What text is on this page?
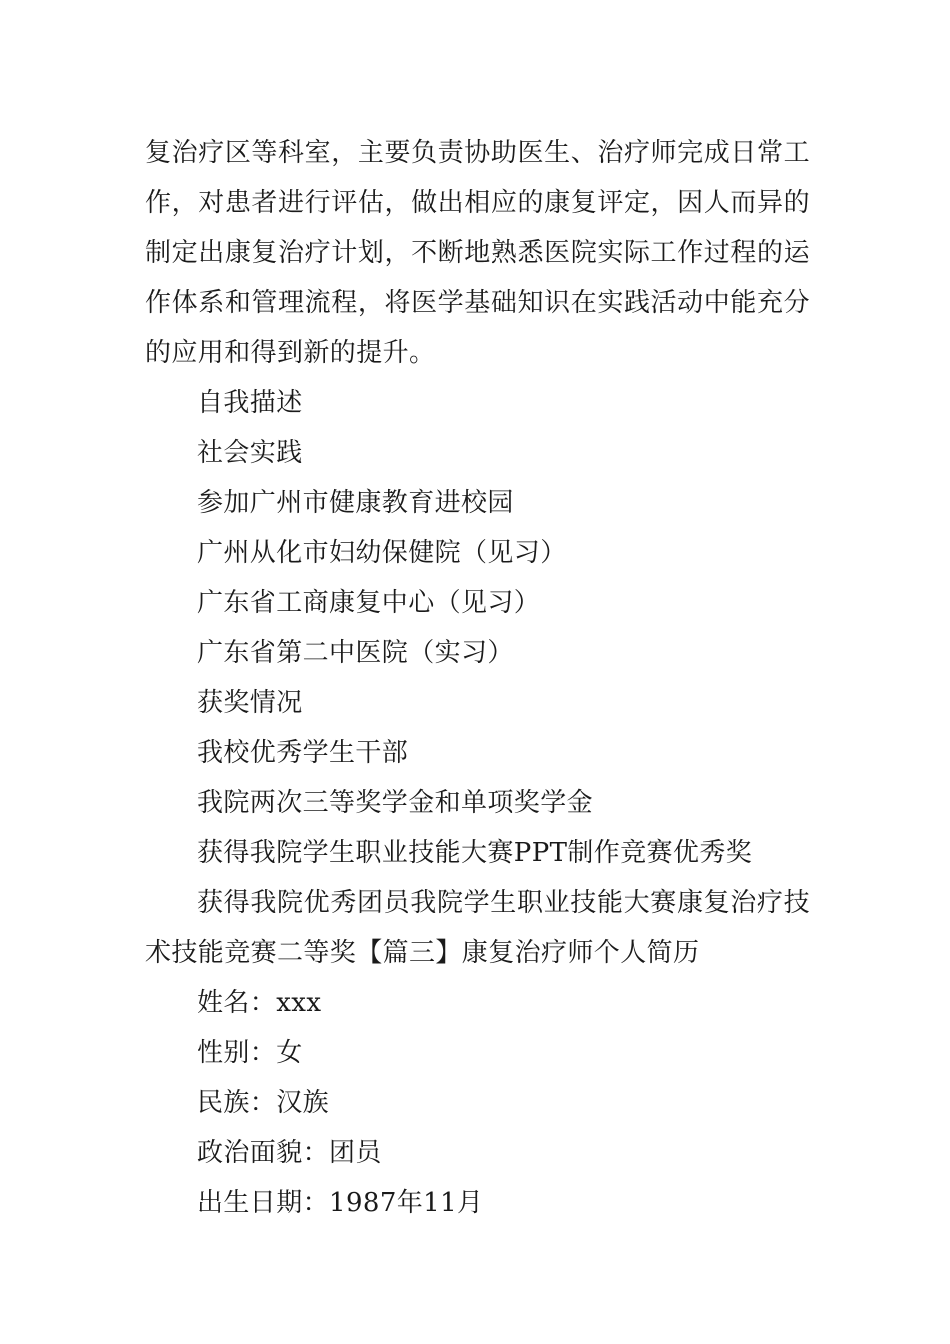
复治疗区等科室，主要负责协助医生、治疗师完成日常工作，对患者进行评估，做出相应的康复评定，因人而异的制定出康复治疗计划，不断地熟悉医院实际工作过程的运作体系和管理流程，将医学基础知识在实践活动中能充分的应用和得到新的提升。

自我描述

社会实践

参加广州市健康教育进校园

广州从化市妇幼保健院（见习）

广东省工商康复中心（见习）

广东省第二中医院（实习）

获奖情况

我校优秀学生干部

我院两次三等奖学金和单项奖学金

获得我院学生职业技能大赛PPT制作竞赛优秀奖

获得我院优秀团员我院学生职业技能大赛康复治疗技术技能竞赛二等奖【篇三】康复治疗师个人简历

姓名：xxx

性别：女

民族：汉族

政治面貌：团员

出生日期：1987年11月
